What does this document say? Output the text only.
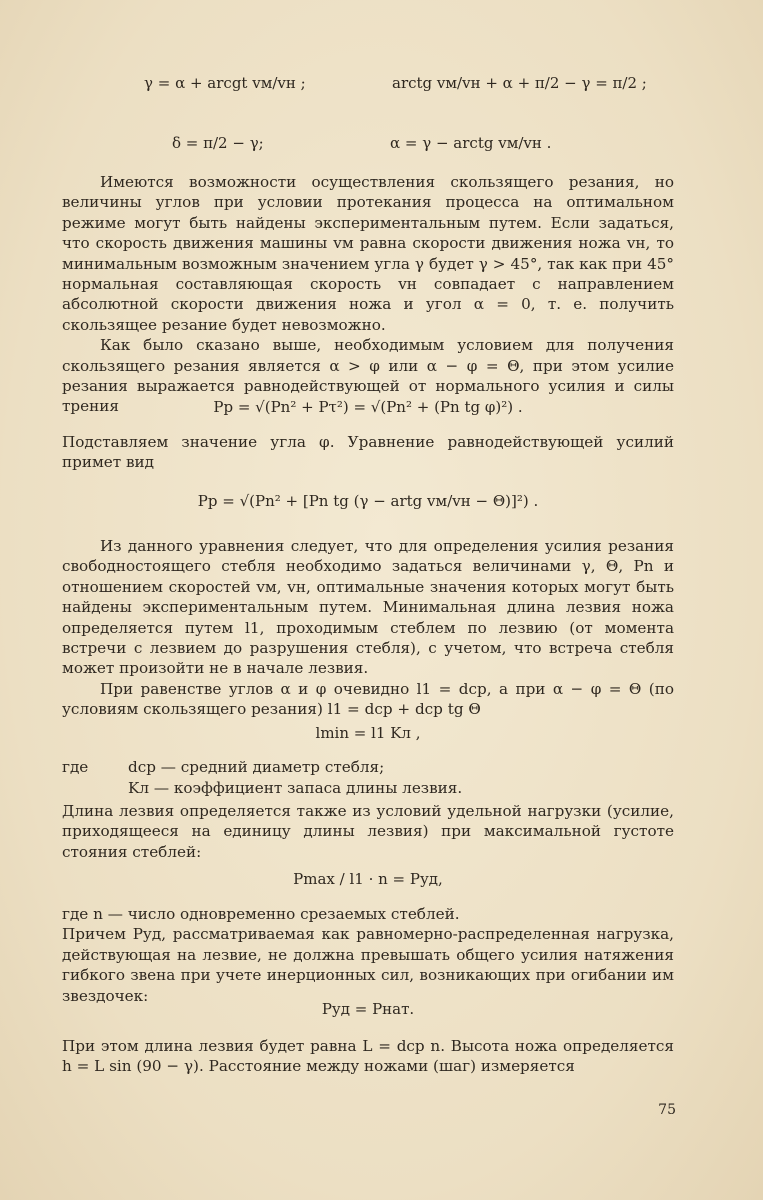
γ = α + arcgt vм/vн ;	arctg vм/vн + α + π/2 − γ = π/2 ;
δ = π/2 − γ;	α = γ − arctg vм/vн .

Имеются возможности осуществления скользящего резания, но величины углов при условии протекания процесса на оптимальном режиме могут быть найдены экспериментальным путем. Если задаться, что скорость движения машины vм равна скорости движения ножа vн, то минимальным возможным значением угла γ будет γ > 45°, так как при 45° нормальная составляющая скорость vн совпадает с направлением абсолютной скорости движения ножа и угол α = 0, т. е. получить скользящее резание будет невозможно.

Как было сказано выше, необходимым условием для получения скользящего резания является α > φ или α − φ = Θ, при этом усилие резания выражается равнодействующей от нормального усилия и силы трения	Pр = √(Pn² + Pτ²) = √(Pn² + (Pn tg φ)²) .

Подставляем значение угла φ. Уравнение равнодействующей усилий примет вид

Pр = √(Pn² + [Pn tg (γ − artg vм/vн − Θ)]²) .

Из данного уравнения следует, что для определения усилия резания свободностоящего стебля необходимо задаться величинами γ, Θ, Pn и отношением скоростей vм, vн, оптимальные значения которых могут быть найдены экспериментальным путем. Минимальная длина лезвия ножа определяется путем l1, проходимым стеблем по лезвию (от момента встречи с лезвием до разрушения стебля), с учетом, что встреча стебля может произойти не в начале лезвия.

При равенстве углов α и φ очевидно l1 = dср, а при α − φ = Θ (по условиям скользящего резания) l1 = dср + dср tg Θ

lmin = l1 Kл ,
где	dср — средний диаметр стебля;
Kл — коэффициент запаса длины лезвия.

Длина лезвия определяется также из условий удельной нагрузки (усилие, приходящееся на единицу длины лезвия) при максимальной густоте стояния стеблей:

Pmax / l1 · n = Pуд,

где n — число одновременно срезаемых стеблей.

Причем Pуд, рассматриваемая как равномерно-распределенная нагрузка, действующая на лезвие, не должна превышать общего усилия натяжения гибкого звена при учете инерционных сил, возникающих при огибании им звездочек:

Pуд = Pнат.

При этом длина лезвия будет равна L = dср n. Высота ножа определяется h = L sin (90 − γ). Расстояние между ножами (шаг) измеряется

75
